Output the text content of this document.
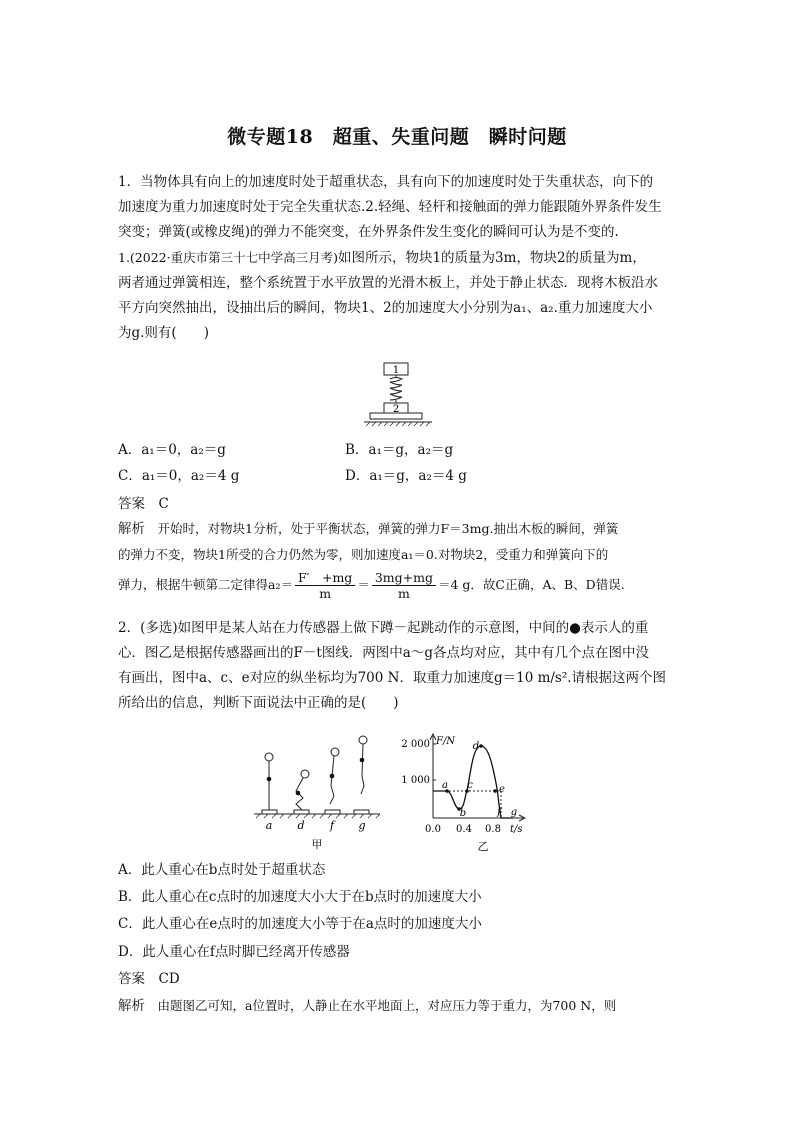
微专题18　超重、失重问题　瞬时问题
1．当物体具有向上的加速度时处于超重状态，具有向下的加速度时处于失重状态，向下的
加速度为重力加速度时处于完全失重状态.2.轻绳、轻杆和接触面的弹力能跟随外界条件发生
突变；弹簧(或橡皮绳)的弹力不能突变，在外界条件发生变化的瞬间可认为是不变的.
1.(2022·重庆市第三十七中学高三月考)如图所示，物块1的质量为3m，物块2的质量为m，
两者通过弹簧相连，整个系统置于水平放置的光滑木板上，并处于静止状态．现将木板沿水
平方向突然抽出，设抽出后的瞬间，物块1、2的加速度大小分别为a₁、a₂.重力加速度大小
为g.则有(　　)
1
2
A．a₁＝0，a₂＝g	B．a₁＝g，a₂＝g
C．a₁＝0，a₂＝4 g	D．a₁＝g，a₂＝4 g
答案　 C
解析　 开始时，对物块1分析，处于平衡状态，弹簧的弹力F＝3mg.抽出木板的瞬间，弹簧
的弹力不变，物块1所受的合力仍然为零，则加速度a₁＝0.对物块2，受重力和弹簧向下的
弹力，根据牛顿第二定律得$a_2= \frac{F' +mg}{m} = \frac{3mg+mg}{m} =4$ g．故C正确，A、B、D错误.
2．(多选)如图甲是某人站在力传感器上做下蹲－起跳动作的示意图，中间的●表示人的重
心．图乙是根据传感器画出的F－t图线．两图中a～g各点均对应，其中有几个点在图中没
有画出，图中a、c、e对应的纵坐标均为700 N．取重力加速度g＝10 m/s².请根据这两个图
所给出的信息，判断下面说法中正确的是(　　)
a d f g
甲
F/N
t/s
2 000
1 000
0.0 0.4 0.8
a
b
c
d
e
f g
乙
A．此人重心在b点时处于超重状态
B．此人重心在c点时的加速度大小大于在b点时的加速度大小
C．此人重心在e点时的加速度大小等于在a点时的加速度大小
D．此人重心在f点时脚已经离开传感器
答案　 CD
解析　 由题图乙可知，a位置时，人静止在水平地面上，对应压力等于重力，为700 N，则
